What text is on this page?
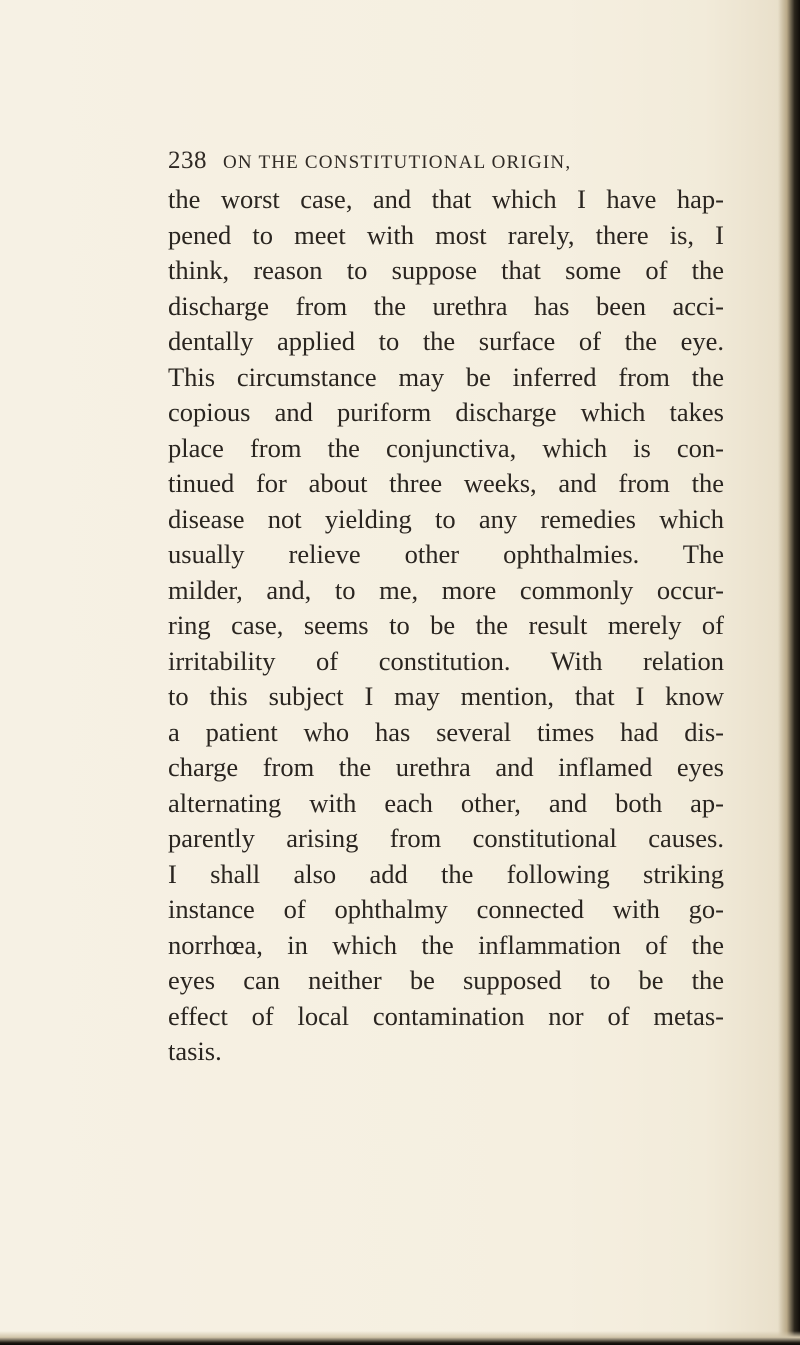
238 ON THE CONSTITUTIONAL ORIGIN,
the worst case, and that which I have hap-
pened to meet with most rarely, there is, I
think, reason to suppose that some of the
discharge from the urethra has been acci-
dentally applied to the surface of the eye.
This circumstance may be inferred from the
copious and puriform discharge which takes
place from the conjunctiva, which is con-
tinued for about three weeks, and from the
disease not yielding to any remedies which
usually relieve other ophthalmies. The
milder, and, to me, more commonly occur-
ring case, seems to be the result merely of
irritability of constitution. With relation
to this subject I may mention, that I know
a patient who has several times had dis-
charge from the urethra and inflamed eyes
alternating with each other, and both ap-
parently arising from constitutional causes.
I shall also add the following striking
instance of ophthalmy connected with go-
norrhœa, in which the inflammation of the
eyes can neither be supposed to be the
effect of local contamination nor of metas-
tasis.
